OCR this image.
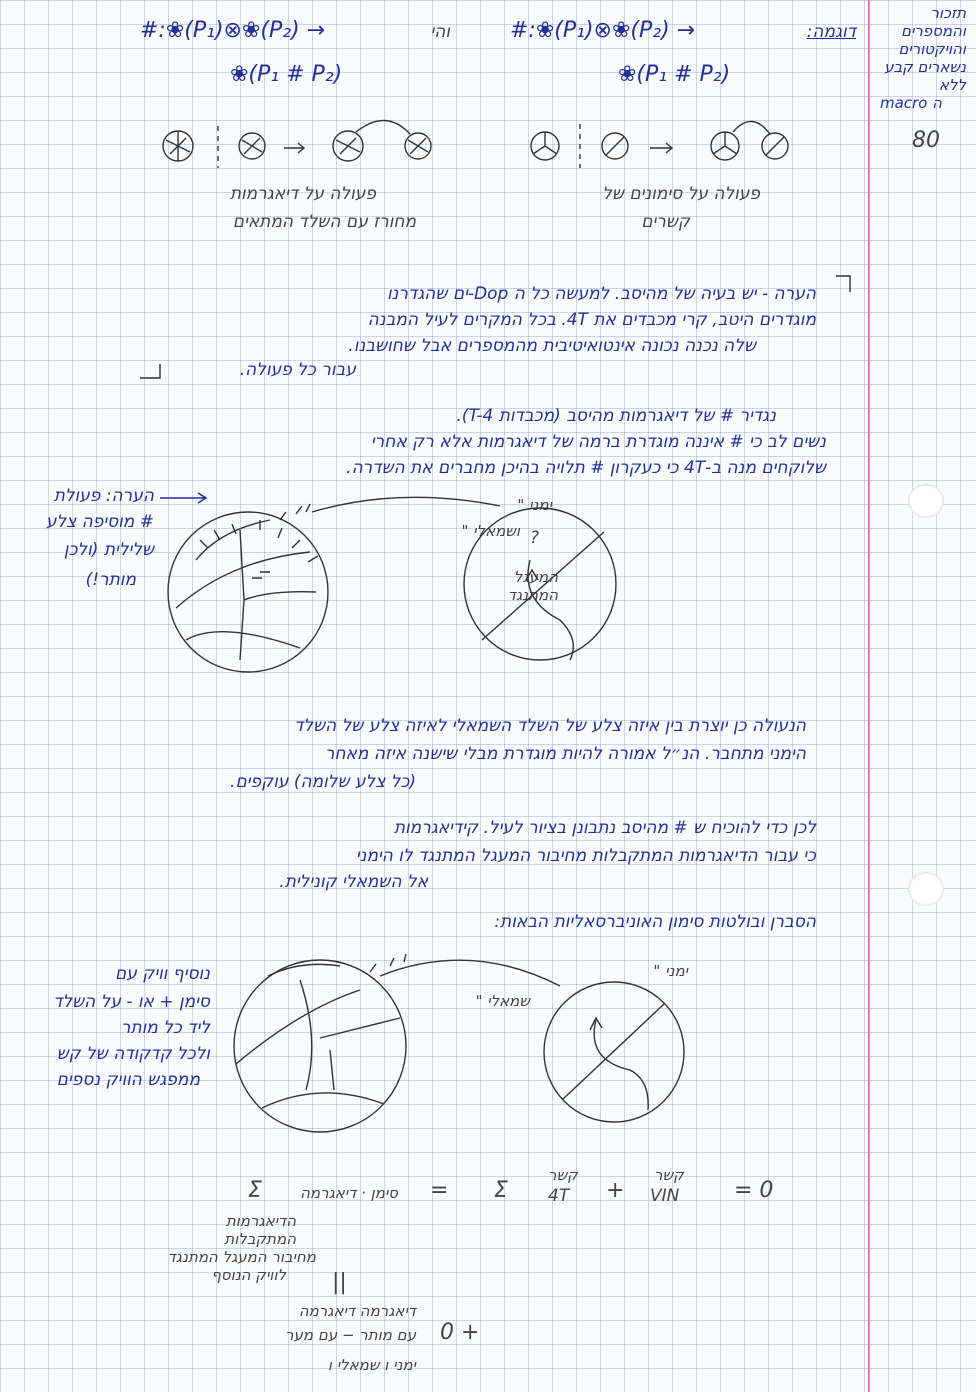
תזכור
והמספרים
והויקטורים
נשארים קבע
ללא
macro ה
80
#:❀(P₁)⊗❀(P₂) →
❀(P₁ # P₂)
והי	#:❀(P₁)⊗❀(P₂) →
❀(P₁ # P₂)
דוגמה:
פעולה על דיאגרמות
מחורז עם השלד המתאים
פעולה על סימונים של
קשרים
הערה - יש בעיה של מהיסב. למעשה כל ה Dop-ים שהגדרנו
מוגדרים היטב, קרי מכבדים את 4T. בכל המקרים לעיל המבנה
שלה נכנה נכונה אינטואיטיבית מהמספרים אבל שחושבנו.
עבור כל פעולה.
נגדיר # של דיאגרמות מהיסב (מכבדות T-4).
נשים לב כי # איננה מוגדרת ברמה של דיאגרמות אלא רק אחרי
שלוקחים מנה ב-4T כי כעקרון # תלויה בהיכן מחברים את השדרה.
הערה: פעולת
# מוסיפה צלע
שלילית (ולכן
מותר!)
ימני "
ושמאלי " ?
המעגל המתנגד
הנעולה כן יוצרת בין איזה צלע של השלד השמאלי לאיזה צלע של השלד
הימני מתחבר. הנ״ל אמורה להיות מוגדרת מבלי שישנה איזה מאחר
(כל צלע שלומה) עוקפים.
לכן כדי להוכיח ש # מהיסב נתבונן בציור לעיל. קידיאגרמות
כי עבור הדיאגרמות המתקבלות מחיבור המעגל המתנגד לו הימני
אל השמאלי קונילית.
הסברן ובולטות סימון האוניברסאליות הבאות:
נוסיף וויק עם
סימן + או - על השלד
ליד כל מותר
ולכל קדקודה של קש
ממפגש הוויק נספים
ימני "
שמאלי "
Σ	סימן · דיאגרמה = Σ
קשר
4T +
קשר
VIN = 0
הדיאגרמות
המתקבלות
מחיבור המעגל המתנגד
לוויק הנוסף ||
דיאגרמה דיאגרמה
עם מותר − עם מער 0 +
ימני ו שמאלי ו
